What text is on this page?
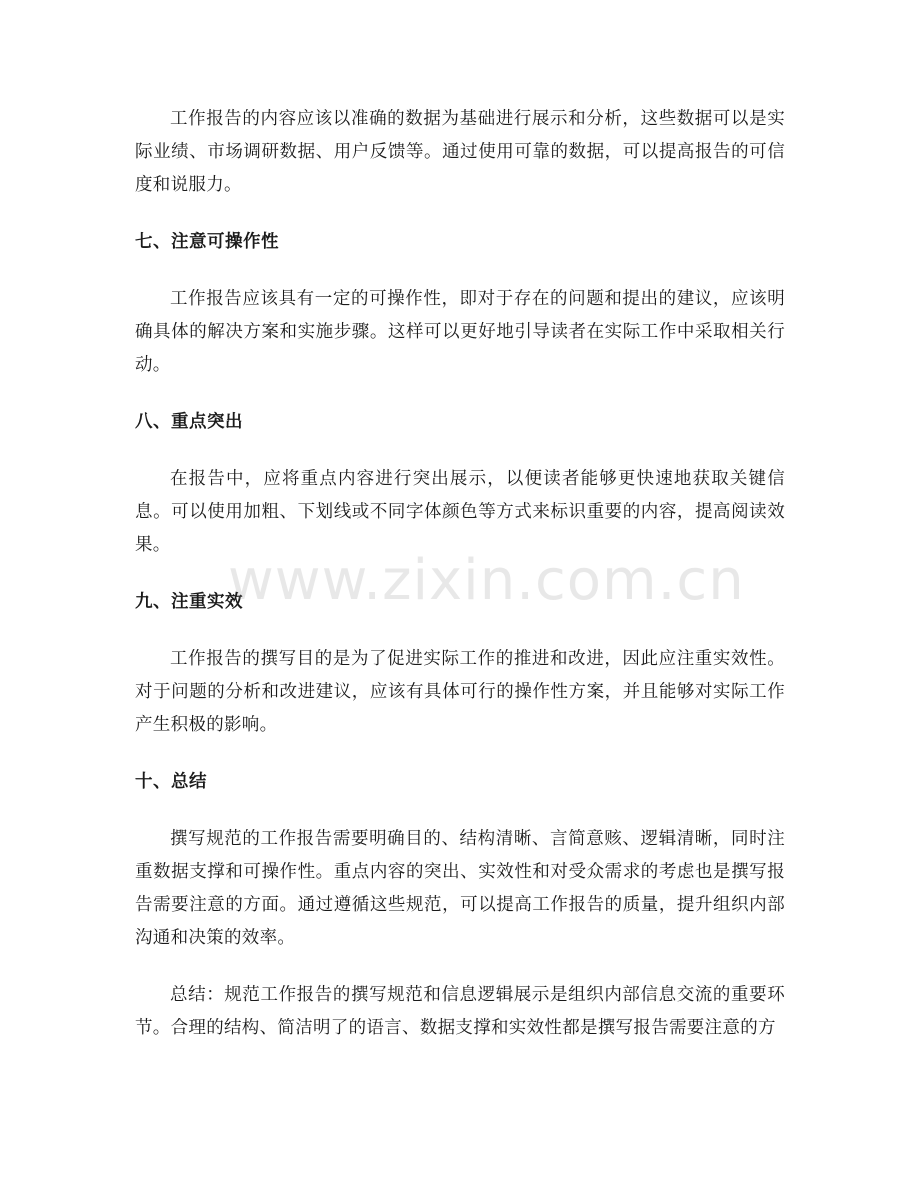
工作报告的内容应该以准确的数据为基础进行展示和分析，这些数据可以是实际业绩、市场调研数据、用户反馈等。通过使用可靠的数据，可以提高报告的可信度和说服力。

七、注意可操作性

工作报告应该具有一定的可操作性，即对于存在的问题和提出的建议，应该明确具体的解决方案和实施步骤。这样可以更好地引导读者在实际工作中采取相关行动。

八、重点突出

在报告中，应将重点内容进行突出展示，以便读者能够更快速地获取关键信息。可以使用加粗、下划线或不同字体颜色等方式来标识重要的内容，提高阅读效果。

九、注重实效

工作报告的撰写目的是为了促进实际工作的推进和改进，因此应注重实效性。对于问题的分析和改进建议，应该有具体可行的操作性方案，并且能够对实际工作产生积极的影响。

十、总结

撰写规范的工作报告需要明确目的、结构清晰、言简意赅、逻辑清晰，同时注重数据支撑和可操作性。重点内容的突出、实效性和对受众需求的考虑也是撰写报告需要注意的方面。通过遵循这些规范，可以提高工作报告的质量，提升组织内部沟通和决策的效率。

总结：规范工作报告的撰写规范和信息逻辑展示是组织内部信息交流的重要环节。合理的结构、简洁明了的语言、数据支撑和实效性都是撰写报告需要注意的方

www.zixin.com.cn
